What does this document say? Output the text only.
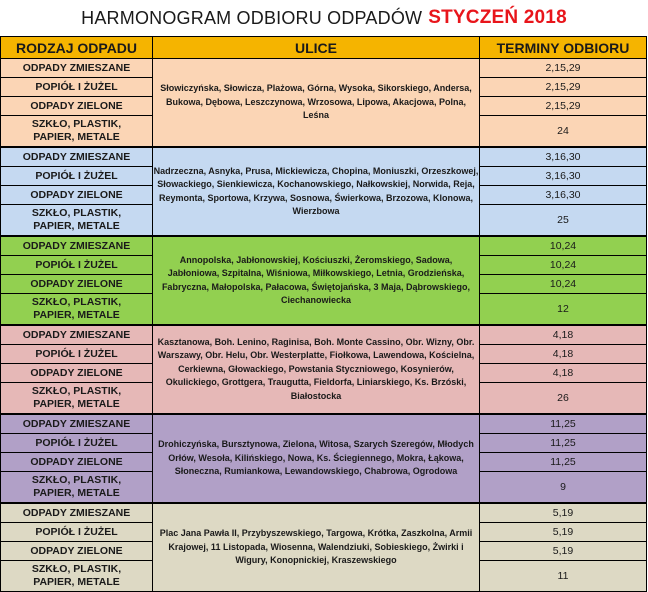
HARMONOGRAM ODBIORU ODPADÓW STYCZEŃ 2018
RODZAJ ODPADU	ULICE	TERMINY ODBIORU
ODPADY ZMIESZANE	Słowiczyńska, Słowicza, Plażowa, Górna, Wysoka, Sikorskiego, Andersa, Bukowa, Dębowa, Leszczynowa, Wrzosowa, Lipowa, Akacjowa, Polna, Leśna	2,15,29
POPIÓŁ I ŻUŻEL		2,15,29
ODPADY ZIELONE		2,15,29
SZKŁO, PLASTIK,
PAPIER, METALE		24
ODPADY ZMIESZANE	Nadrzeczna, Asnyka, Prusa, Mickiewicza, Chopina, Moniuszki, Orzeszkowej, Słowackiego, Sienkiewicza, Kochanowskiego, Nałkowskiej, Norwida, Reja, Reymonta, Sportowa, Krzywa, Sosnowa, Świerkowa, Brzozowa, Klonowa, Wierzbowa	3,16,30
POPIÓŁ I ŻUŻEL		3,16,30
ODPADY ZIELONE		3,16,30
SZKŁO, PLASTIK,
PAPIER, METALE		25
ODPADY ZMIESZANE	Annopolska, Jabłonowskiej, Kościuszki, Żeromskiego, Sadowa, Jabłoniowa, Szpitalna, Wiśniowa, Miłkowskiego, Letnia, Grodzieńska, Fabryczna, Małopolska, Pałacowa, Świętojańska, 3 Maja, Dąbrowskiego, Ciechanowiecka	10,24
POPIÓŁ I ŻUŻEL		10,24
ODPADY ZIELONE		10,24
SZKŁO, PLASTIK,
PAPIER, METALE		12
ODPADY ZMIESZANE	Kasztanowa, Boh. Lenino, Raginisa, Boh. Monte Cassino, Obr. Wizny, Obr. Warszawy, Obr. Helu, Obr. Westerplatte, Fiołkowa, Lawendowa, Kościelna, Cerkiewna, Głowackiego, Powstania Styczniowego, Kosynierów, Okulickiego, Grottgera, Traugutta, Fieldorfa, Liniarskiego, Ks. Brzóski, Białostocka	4,18
POPIÓŁ I ŻUŻEL		4,18
ODPADY ZIELONE		4,18
SZKŁO, PLASTIK,
PAPIER, METALE		26
ODPADY ZMIESZANE	Drohiczyńska, Bursztynowa, Zielona, Witosa, Szarych Szeregów, Młodych Orłów, Wesoła, Kilińskiego, Nowa, Ks. Ściegiennego, Mokra, Łąkowa, Słoneczna, Rumiankowa, Lewandowskiego, Chabrowa, Ogrodowa	11,25
POPIÓŁ I ŻUŻEL		11,25
ODPADY ZIELONE		11,25
SZKŁO, PLASTIK,
PAPIER, METALE		9
ODPADY ZMIESZANE	Plac Jana Pawła II, Przybyszewskiego, Targowa, Krótka, Zaszkolna, Armii Krajowej, 11 Listopada, Wiosenna, Walendziuki, Sobieskiego, Żwirki i Wigury, Konopnickiej, Kraszewskiego	5,19
POPIÓŁ I ŻUŻEL		5,19
ODPADY ZIELONE		5,19
SZKŁO, PLASTIK,
PAPIER, METALE		11
